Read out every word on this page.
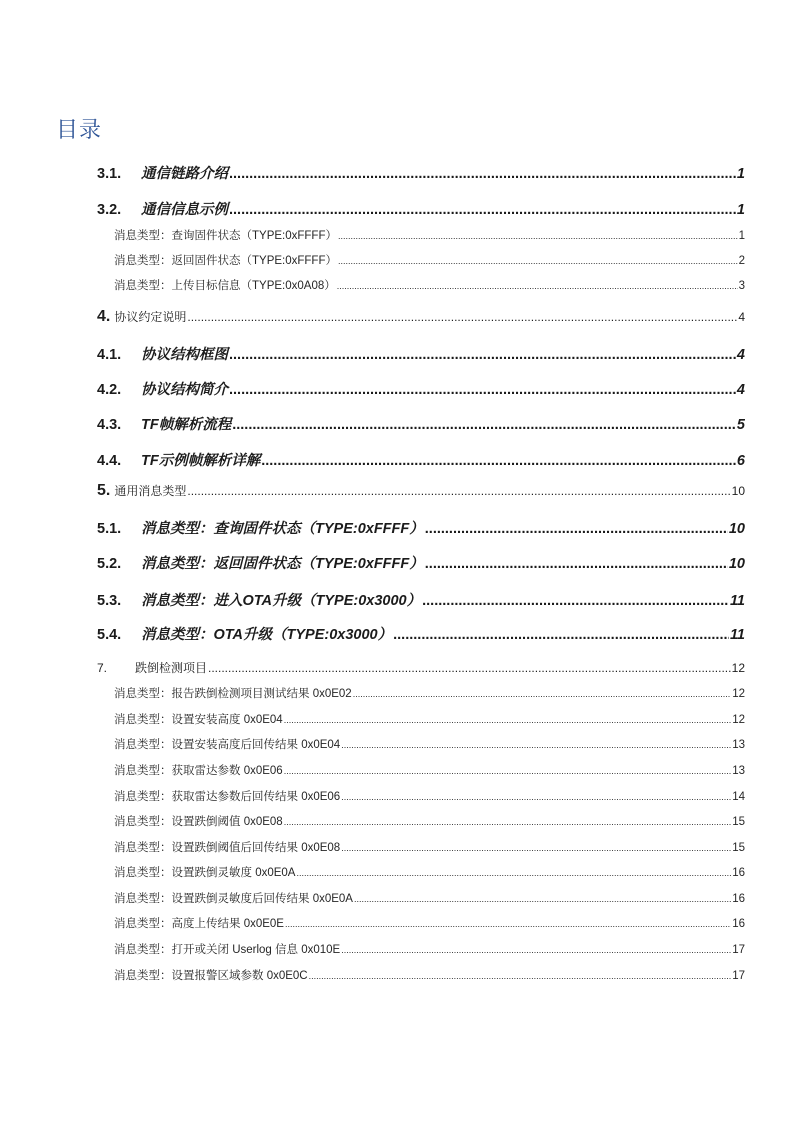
目录
3.1.	通信链路介绍 .....	1
3.2.	通信信息示例 .....	1
消息类型：查询固件状态（TYPE:0xFFFF） .....	1
消息类型：返回固件状态（TYPE:0xFFFF） .....	2
消息类型：上传目标信息（TYPE:0x0A08） .....	3
4. 协议约定说明 .....	4
4.1.	协议结构框图 .....	4
4.2.	协议结构简介 .....	4
4.3.	TF帧解析流程 .....	5
4.4.	TF示例帧解析详解 .....	6
5. 通用消息类型 .....	10
5.1.	消息类型：查询固件状态（TYPE:0xFFFF） .....	10
5.2.	消息类型：返回固件状态（TYPE:0xFFFF） .....	10
5.3.	消息类型：进入OTA升级（TYPE:0x3000） .....	11
5.4.	消息类型：OTA升级（TYPE:0x3000） .....	11
7.	跌倒检测项目 .....	12
消息类型：报告跌倒检测项目测试结果 0x0E02 .....	12
消息类型：设置安装高度 0x0E04 .....	12
消息类型：设置安装高度后回传结果 0x0E04 .....	13
消息类型：获取雷达参数 0x0E06 .....	13
消息类型：获取雷达参数后回传结果 0x0E06 .....	14
消息类型：设置跌倒阈值 0x0E08 .....	15
消息类型：设置跌倒阈值后回传结果 0x0E08 .....	15
消息类型：设置跌倒灵敏度 0x0E0A .....	16
消息类型：设置跌倒灵敏度后回传结果 0x0E0A .....	16
消息类型：高度上传结果 0x0E0E .....	16
消息类型：打开或关闭 Userlog 信息 0x010E .....	17
消息类型：设置报警区域参数 0x0E0C .....	17
